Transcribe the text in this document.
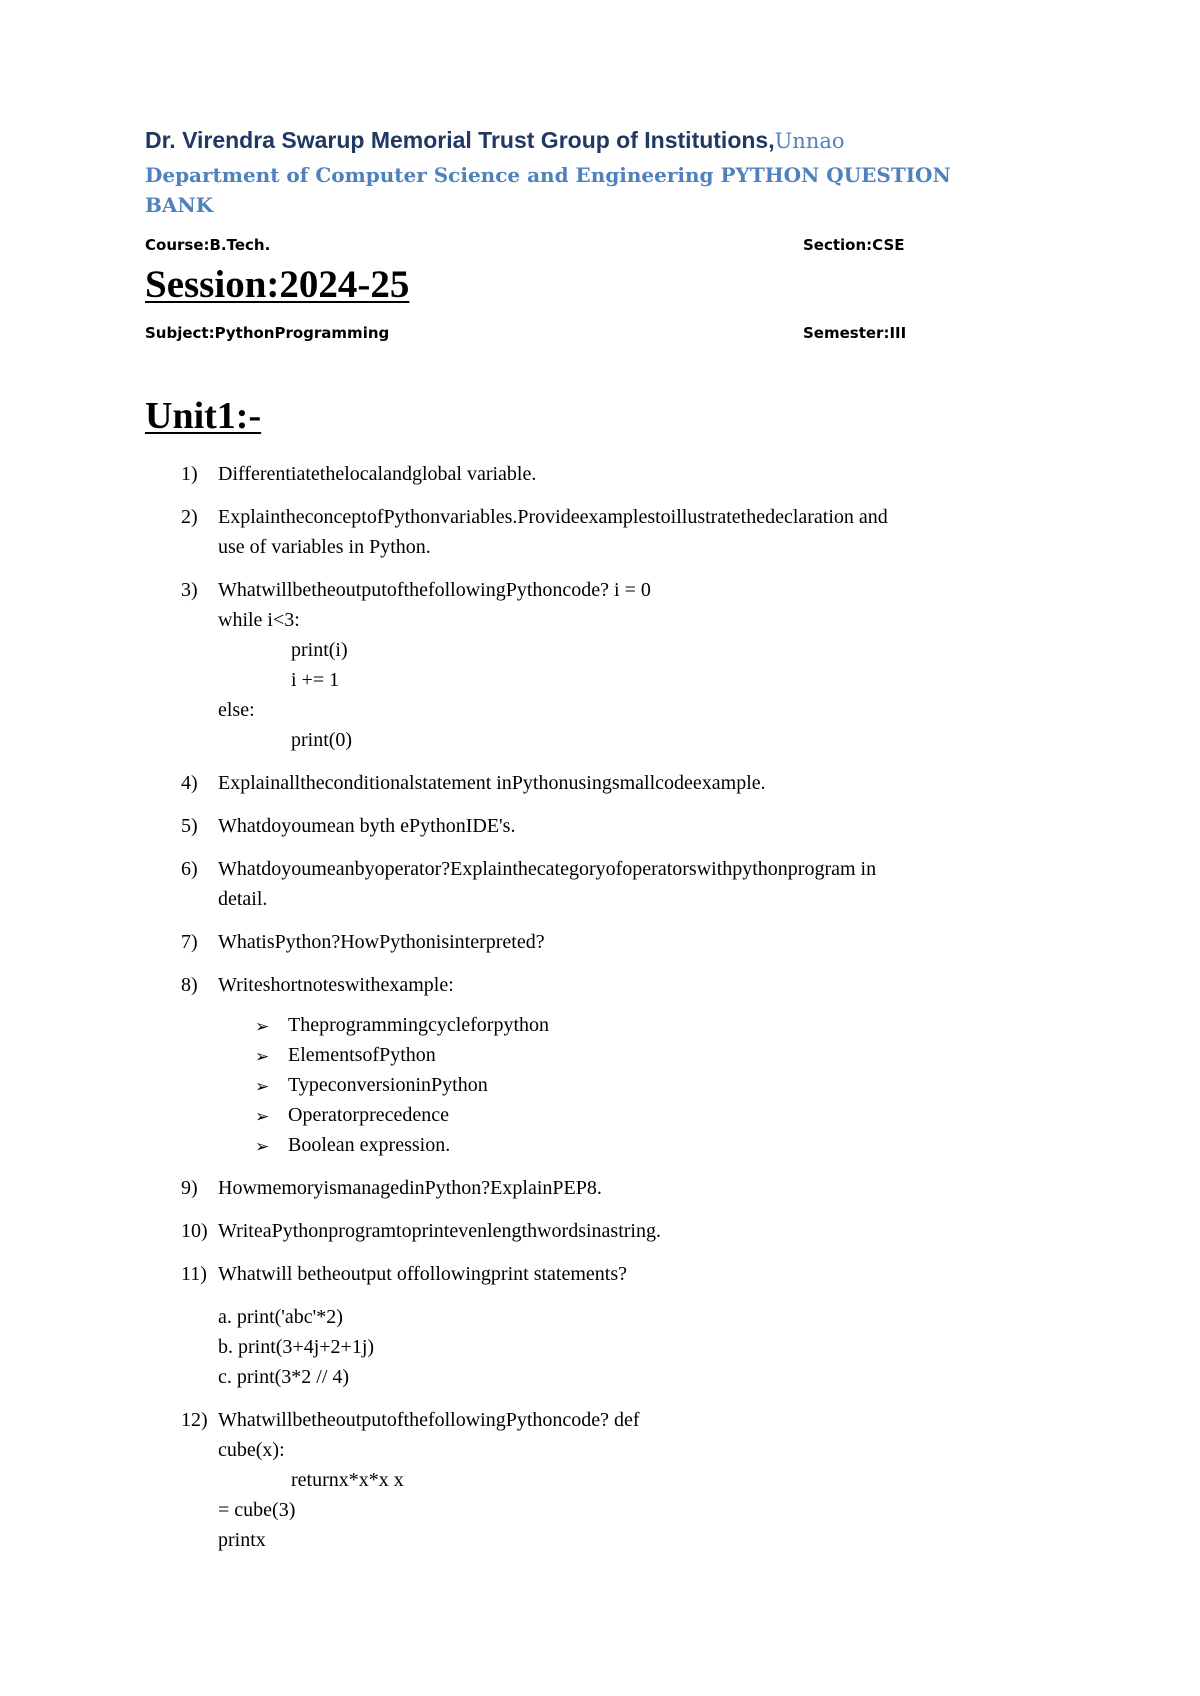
Dr. Virendra Swarup Memorial Trust Group of Institutions,Unnao
Department of Computer Science and Engineering PYTHON QUESTION BANK
Course:B.Tech.	Section:CSE
Session:2024-25
Subject:PythonProgramming	Semester:III
Unit1:-
1) Differentiatethelocalandglobal variable.
2) ExplaintheconceptofPythonvariables.Provideexamplestoillustratethedeclaration and
use of variables in Python.
3) WhatwillbetheoutputofthefollowingPythoncode? i = 0
while i<3:
print(i)
i += 1
else:
print(0)
4) Explainalltheconditionalstatement inPythonusingsmallcodeexample.
5) Whatdoyoumean byth ePythonIDE's.
6) Whatdoyoumeanbyoperator?Explainthecategoryofoperatorswithpythonprogram in
detail.
7) WhatisPython?HowPythonisinterpreted?
8) Writeshortnoteswithexample:
➢ Theprogrammingcycleforpython
➢ ElementsofPython
➢ TypeconversioninPython
➢ Operatorprecedence
➢ Boolean expression.
9) HowmemoryismanagedinPython?ExplainPEP8.
10) WriteaPythonprogramtoprintevenlengthwordsinastring.
11) Whatwill betheoutput offollowingprint statements?
a. print('abc'*2)
b. print(3+4j+2+1j)
c. print(3*2 // 4)
12) WhatwillbetheoutputofthefollowingPythoncode? def
cube(x):
returnx*x*x x
= cube(3)
printx
